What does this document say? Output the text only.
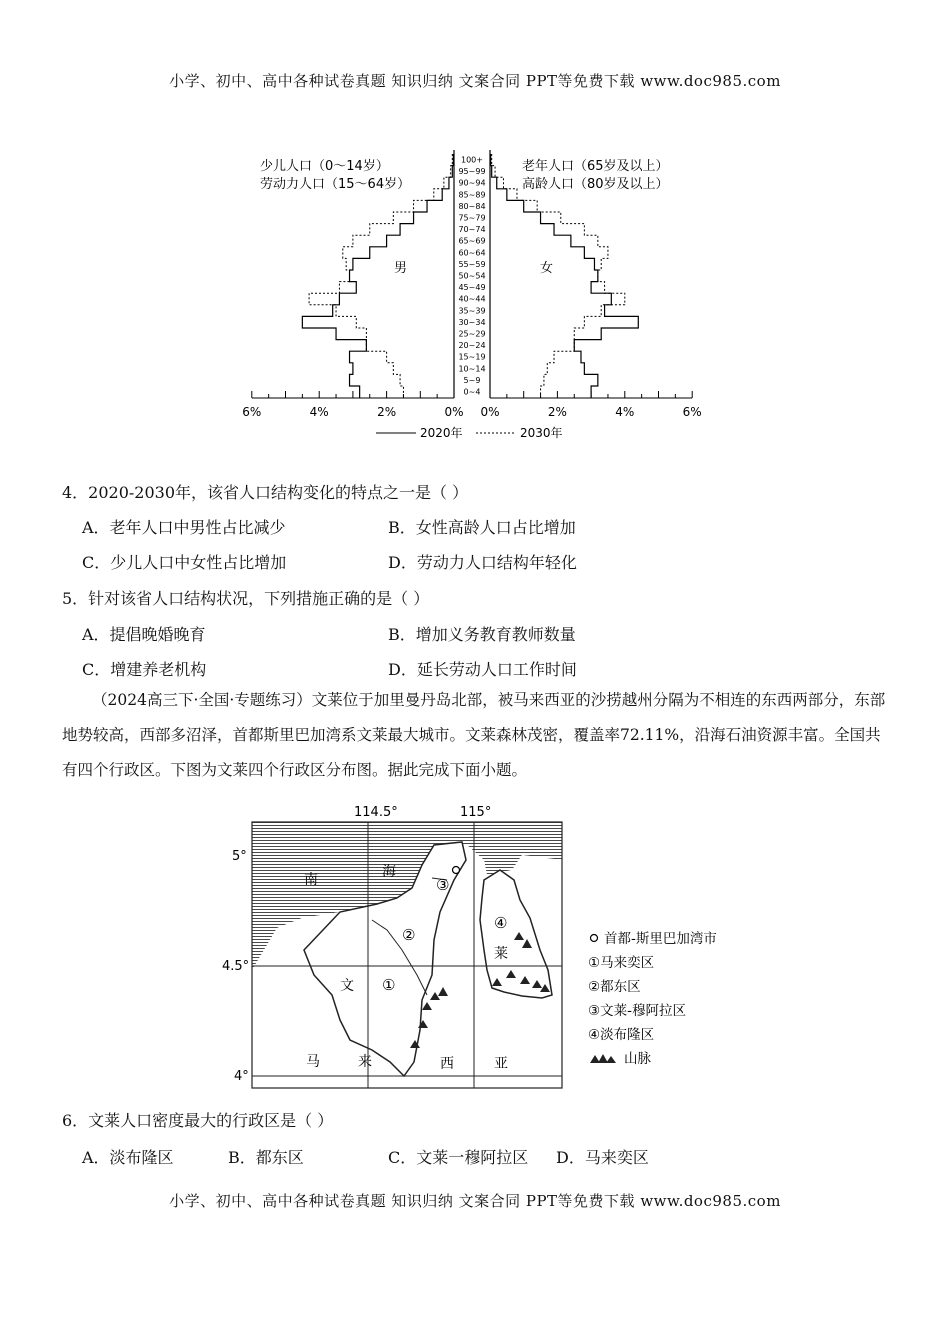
小学、初中、高中各种试卷真题 知识归纳 文案合同 PPT等免费下载 www.doc985.com
6%	4%	2%	0% 0%	2%	4%	6%
100+
95~99
90~94
85~89
80~84
75~79
70~74
65~69
60~64
55~59
50~54
45~49
40~44
35~39
30~34
25~29
20~24
15~19
10~14
5~9
0~4
少儿人口（0～14岁）
劳动力人口（15～64岁）
老年人口（65岁及以上）
高龄人口（80岁及以上）
男	女
2020年	2030年
4．2020-2030年，该省人口结构变化的特点之一是（ ）
A．老年人口中男性占比减少	B．女性高龄人口占比增加
C．少儿人口中女性占比增加	D．劳动力人口结构年轻化
5．针对该省人口结构状况，下列措施正确的是（ ）
A．提倡晚婚晚育	B．增加义务教育教师数量
C．增建养老机构	D．延长劳动人口工作时间
（2024高三下·全国·专题练习）文莱位于加里曼丹岛北部，被马来西亚的沙捞越州分隔为不相连的东西两部分，东部地势较高，西部多沼泽，首都斯里巴加湾系文莱最大城市。文莱森林茂密，覆盖率72.11%，沿海石油资源丰富。全国共有四个行政区。下图为文莱四个行政区分布图。据此完成下面小题。
114.5°	115°
5°
4.5°
4°
南	海
文
莱
马	来	西	亚
①
②
③
④
首都-斯里巴加湾市
①马来奕区
②都东区
③文莱-穆阿拉区
④淡布隆区
山脉
6．文莱人口密度最大的行政区是（ ）
A．淡布隆区	B．都东区	C．文莱一穆阿拉区 D．马来奕区
小学、初中、高中各种试卷真题 知识归纳 文案合同 PPT等免费下载 www.doc985.com
